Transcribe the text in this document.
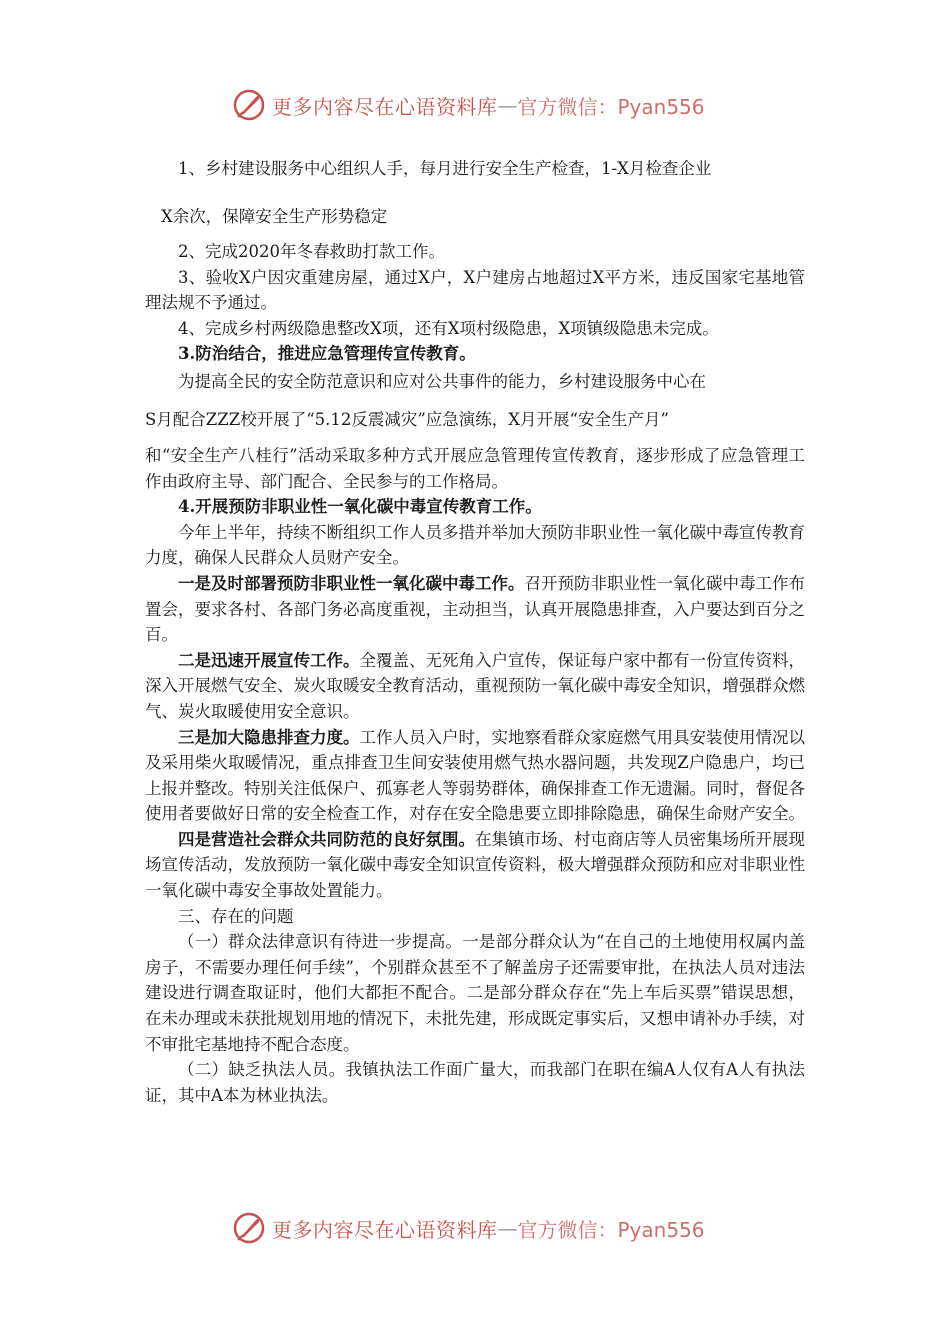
更多内容尽在心语资料库 — 官方微信：Pyan556

1、乡村建设服务中心组织人手，每月进行安全生产检查，1-X月检查企业

X余次，保障安全生产形势稳定

2、完成2020年冬春救助打款工作。

3、验收X户因灾重建房屋，通过X户，X户建房占地超过X平方米，违反国家宅基地管理法规不予通过。

4、完成乡村两级隐患整改X项，还有X项村级隐患，X项镇级隐患未完成。

3.防治结合，推进应急管理传宣传教育。

为提高全民的安全防范意识和应对公共事件的能力，乡村建设服务中心在

S月配合ZZZ校开展了“5.12反震减灾”应急演练，X月开展“安全生产月”

和“安全生产八桂行”活动采取多种方式开展应急管理传宣传教育，逐步形成了应急管理工作由政府主导、部门配合、全民参与的工作格局。

4.开展预防非职业性一氧化碳中毒宣传教育工作。

今年上半年，持续不断组织工作人员多措并举加大预防非职业性一氧化碳中毒宣传教育力度，确保人民群众人员财产安全。

一是及时部署预防非职业性一氧化碳中毒工作。召开预防非职业性一氧化碳中毒工作布置会，要求各村、各部门务必高度重视，主动担当，认真开展隐患排查，入户要达到百分之百。

二是迅速开展宣传工作。全覆盖、无死角入户宣传，保证每户家中都有一份宣传资料，深入开展燃气安全、炭火取暖安全教育活动，重视预防一氧化碳中毒安全知识，增强群众燃气、炭火取暖使用安全意识。

三是加大隐患排查力度。工作人员入户时，实地察看群众家庭燃气用具安装使用情况以及采用柴火取暖情况，重点排查卫生间安装使用燃气热水器问题，共发现Z户隐患户，均已上报并整改。特别关注低保户、孤寡老人等弱势群体，确保排查工作无遗漏。同时，督促各使用者要做好日常的安全检查工作，对存在安全隐患要立即排除隐患，确保生命财产安全。

四是营造社会群众共同防范的良好氛围。在集镇市场、村屯商店等人员密集场所开展现场宣传活动，发放预防一氧化碳中毒安全知识宣传资料，极大增强群众预防和应对非职业性一氧化碳中毒安全事故处置能力。

三、存在的问题

（一）群众法律意识有待进一步提高。一是部分群众认为“在自己的土地使用权属内盖房子，不需要办理任何手续”，个别群众甚至不了解盖房子还需要审批，在执法人员对违法建设进行调查取证时，他们大都拒不配合。二是部分群众存在“先上车后买票”错误思想，在未办理或未获批规划用地的情况下，未批先建，形成既定事实后，又想申请补办手续，对不审批宅基地持不配合态度。

（二）缺乏执法人员。我镇执法工作面广量大，而我部门在职在编A人仅有A人有执法证，其中A本为林业执法。

更多内容尽在心语资料库 — 官方微信：Pyan556
